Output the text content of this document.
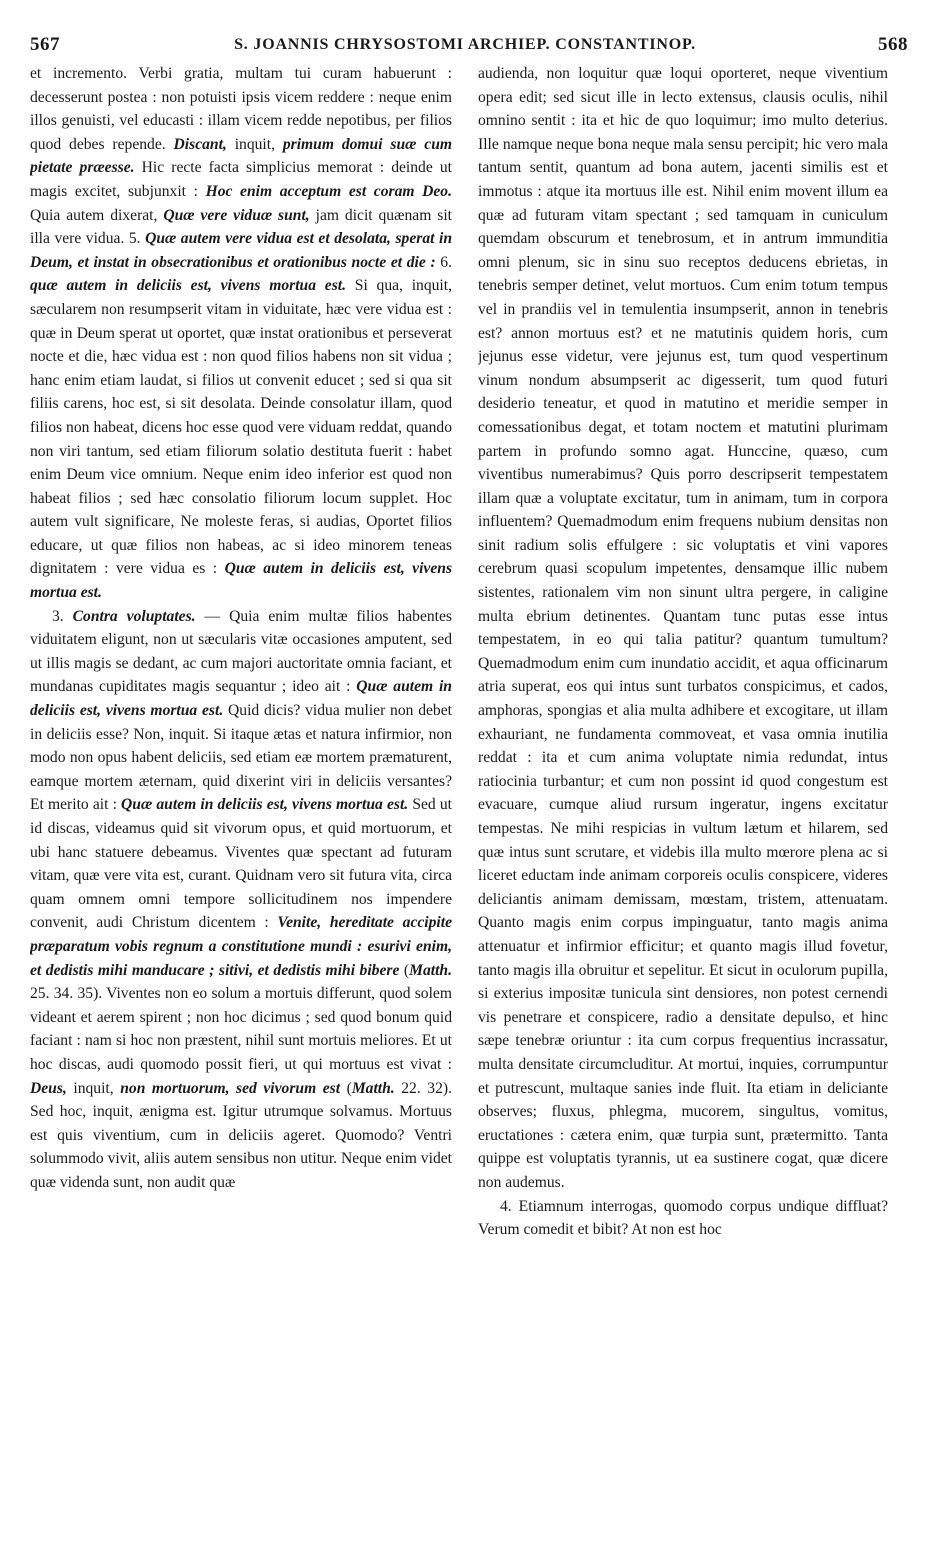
567	S. JOANNIS CHRYSOSTOMI ARCHIEP. CONSTANTINOP.	568

et incremento. Verbi gratia, multam tui curam habuerunt : decesserunt postea : non potuisti ipsis vicem reddere : neque enim illos genuisti, vel educasti : illam vicem redde nepotibus, per filios quod debes repende. Discant, inquit, primum domui suæ cum pietate præesse. Hic recte facta simplicius memorat : deinde ut magis excitet, subjunxit : Hoc enim acceptum est coram Deo. Quia autem dixerat, Quæ vere viduæ sunt, jam dicit quænam sit illa vere vidua. 5. Quæ autem vere vidua est et desolata, sperat in Deum, et instat in obsecrationibus et orationibus nocte et die : 6. quæ autem in deliciis est, vivens mortua est. Si qua, inquit, sæcularem non resumpserit vitam in viduitate, hæc vere vidua est : quæ in Deum sperat ut oportet, quæ instat orationibus et perseverat nocte et die, hæc vidua est : non quod filios habens non sit vidua ; hanc enim etiam laudat, si filios ut convenit educet ; sed si qua sit filiis carens, hoc est, si sit desolata. Deinde consolatur illam, quod filios non habeat, dicens hoc esse quod vere viduam reddat, quando non viri tantum, sed etiam filiorum solatio destituta fuerit : habet enim Deum vice omnium. Neque enim ideo inferior est quod non habeat filios ; sed hæc consolatio filiorum locum supplet. Hoc autem vult significare, Ne moleste feras, si audias, Oportet filios educare, ut quæ filios non habeas, ac si ideo minorem teneas dignitatem : vere vidua es : Quæ autem in deliciis est, vivens mortua est.

3. Contra voluptates. — Quia enim multæ filios habentes viduitatem eligunt, non ut sæcularis vitæ occasiones amputent, sed ut illis magis se dedant, ac cum majori auctoritate omnia faciant, et mundanas cupiditates magis sequantur ; ideo ait : Quæ autem in deliciis est, vivens mortua est. Quid dicis? vidua mulier non debet in deliciis esse? Non, inquit. Si itaque ætas et natura infirmior, non modo non opus habent deliciis, sed etiam eæ mortem præmaturent, eamque mortem æternam, quid dixerint viri in deliciis versantes? Et merito ait : Quæ autem in deliciis est, vivens mortua est. Sed ut id discas, videamus quid sit vivorum opus, et quid mortuorum, et ubi hanc statuere debeamus. Viventes quæ spectant ad futuram vitam, quæ vere vita est, curant. Quidnam vero sit futura vita, circa quam omnem omni tempore sollicitudinem nos impendere convenit, audi Christum dicentem : Venite, hereditate accipite præparatum vobis regnum a constitutione mundi : esurivi enim, et dedistis mihi manducare ; sitivi, et dedistis mihi bibere (Matth. 25. 34. 35). Viventes non eo solum a mortuis differunt, quod solem videant et aerem spirent ; non hoc dicimus ; sed quod bonum quid faciant : nam si hoc non præstent, nihil sunt mortuis meliores. Et ut hoc discas, audi quomodo possit fieri, ut qui mortuus est vivat : Deus, inquit, non mortuorum, sed vivorum est (Matth. 22. 32). Sed hoc, inquit, ænigma est. Igitur utrumque solvamus. Mortuus est quis viventium, cum in deliciis ageret. Quomodo? Ventri solummodo vivit, aliis autem sensibus non utitur. Neque enim videt quæ videnda sunt, non audit quæ

audienda, non loquitur quæ loqui oporteret, neque viventium opera edit; sed sicut ille in lecto extensus, clausis oculis, nihil omnino sentit : ita et hic de quo loquimur; imo multo deterius. Ille namque neque bona neque mala sensu percipit; hic vero mala tantum sentit, quantum ad bona autem, jacenti similis est et immotus : atque ita mortuus ille est. Nihil enim movent illum ea quæ ad futuram vitam spectant ; sed tamquam in cuniculum quemdam obscurum et tenebrosum, et in antrum immunditia omni plenum, sic in sinu suo receptos deducens ebrietas, in tenebris semper detinet, velut mortuos. Cum enim totum tempus vel in prandiis vel in temulentia insumpserit, annon in tenebris est? annon mortuus est? et ne matutinis quidem horis, cum jejunus esse videtur, vere jejunus est, tum quod vespertinum vinum nondum absumpserit ac digesserit, tum quod futuri desiderio teneatur, et quod in matutino et meridie semper in comessationibus degat, et totam noctem et matutini plurimam partem in profundo somno agat. Hunccine, quæso, cum viventibus numerabimus? Quis porro descripserit tempestatem illam quæ a voluptate excitatur, tum in animam, tum in corpora influentem? Quemadmodum enim frequens nubium densitas non sinit radium solis effulgere : sic voluptatis et vini vapores cerebrum quasi scopulum impetentes, densamque illic nubem sistentes, rationalem vim non sinunt ultra pergere, in caligine multa ebrium detinentes. Quantam tunc putas esse intus tempestatem, in eo qui talia patitur? quantum tumultum? Quemadmodum enim cum inundatio accidit, et aqua officinarum atria superat, eos qui intus sunt turbatos conspicimus, et cados, amphoras, spongias et alia multa adhibere et excogitare, ut illam exhauriant, ne fundamenta commoveat, et vasa omnia inutilia reddat : ita et cum anima voluptate nimia redundat, intus ratiocinia turbantur; et cum non possint id quod congestum est evacuare, cumque aliud rursum ingeratur, ingens excitatur tempestas. Ne mihi respicias in vultum lætum et hilarem, sed quæ intus sunt scrutare, et videbis illa multo mœrore plena ac si liceret eductam inde animam corporeis oculis conspicere, videres deliciantis animam demissam, mœstam, tristem, attenuatam. Quanto magis enim corpus impinguatur, tanto magis anima attenuatur et infirmior efficitur; et quanto magis illud fovetur, tanto magis illa obruitur et sepelitur. Et sicut in oculorum pupilla, si exterius impositæ tunicula sint densiores, non potest cernendi vis penetrare et conspicere, radio a densitate depulso, et hinc sæpe tenebræ oriuntur : ita cum corpus frequentius incrassatur, multa densitate circumcluditur. At mortui, inquies, corrumpuntur et putrescunt, multaque sanies inde fluit. Ita etiam in deliciante observes; fluxus, phlegma, mucorem, singultus, vomitus, eructationes : cætera enim, quæ turpia sunt, prætermitto. Tanta quippe est voluptatis tyrannis, ut ea sustinere cogat, quæ dicere non audemus.

4. Etiamnum interrogas, quomodo corpus undique diffluat? Verum comedit et bibit? At non est hoc
